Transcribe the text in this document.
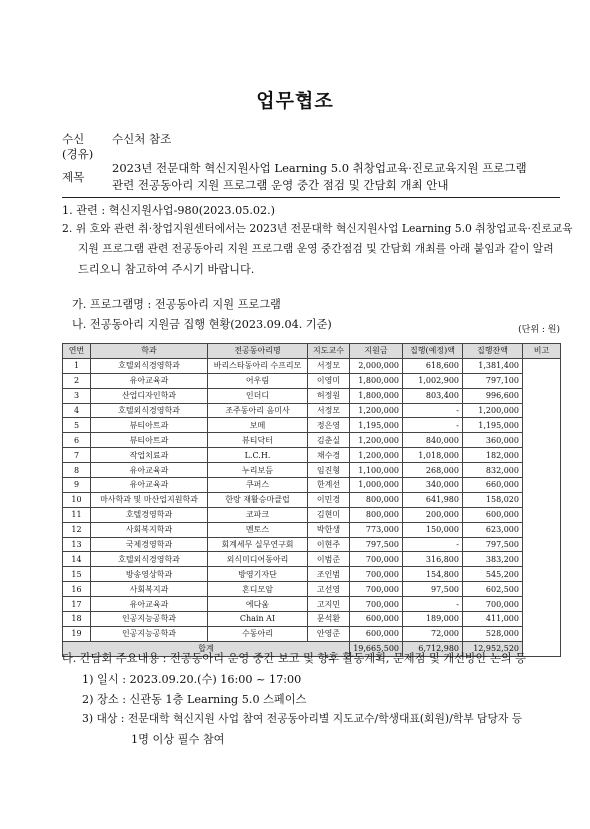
업무협조
수신	수신처 참조
(경유)
제목
2023년 전문대학 혁신지원사업 Learning 5.0 취창업교육·진로교육지원 프로그램
관련 전공동아리 지원 프로그램 운영 중간 점검 및 간담회 개최 안내
1. 관련 : 혁신지원사업-980(2023.05.02.)
2. 위 호와 관련 취·창업지원센터에서는 2023년 전문대학 혁신지원사업 Learning 5.0 취창업교육·진로교육
지원 프로그램 관련 전공동아리 지원 프로그램 운영 중간점검 및 간담회 개최를 아래 붙임과 같이 알려
드리오니 참고하여 주시기 바랍니다.
가. 프로그램명 : 전공동아리 지원 프로그램
나. 전공동아리 지원금 집행 현황(2023.09.04. 기준)	(단위 : 원)
연번	학과	전공동아리명	지도교수	지원금	집행(예정)액	집행잔액	비고
1	호텔외식경영학과	바리스타동아리 수프리모	서정모	2,000,000	618,600	1,381,400	
2	유아교육과	어우림	이영미	1,800,000	1,002,900	797,100	
3	산업디자인학과	인더디	허정원	1,800,000	803,400	996,600	
4	호텔외식경영학과	조주동아리 음미사	서정모	1,200,000	-	1,200,000	
5	뷰티아트과	보떼	정은영	1,195,000	-	1,195,000	
6	뷰티아트과	뷰티닥터	김춘실	1,200,000	840,000	360,000	
7	작업치료과	L.C.H.	채수경	1,200,000	1,018,000	182,000	
8	유아교육과	누리보듬	임진형	1,100,000	268,000	832,000	
9	유아교육과	쿠퍼스	한계선	1,000,000	340,000	660,000	
10	마사학과 및 마산업지원학과	한랑 재활승마클럽	이민경	800,000	641,980	158,020	
11	호텔경영학과	코파크	김현미	800,000	200,000	600,000	
12	사회복지학과	멘토스	박한생	773,000	150,000	623,000	
13	국제경영학과	회계세무 실무연구회	이현주	797,500	-	797,500	
14	호텔외식경영학과	외식미디어동아리	이범준	700,000	316,800	383,200	
15	방송영상학과	방영기자단	조인범	700,000	154,800	545,200	
16	사회복지과	혼디모암	고선영	700,000	97,500	602,500	
17	유아교육과	에다움	고지민	700,000	-	700,000	
18	인공지능공학과	Chain AI	문석환	600,000	189,000	411,000	
19	인공지능공학과	수동아리	안영준	600,000	72,000	528,000	
합계				19,665,500	6,712,980	12,952,520	
다. 간담회 주요내용 : 전공동아리 운영 중간 보고 및 향후 활동계획, 문제점 및 개선방안 논의 등
1) 일시 : 2023.09.20.(수) 16:00 ~ 17:00
2) 장소 : 신관동 1층 Learning 5.0 스페이스
3) 대상 : 전문대학 혁신지원 사업 참여 전공동아리별 지도교수/학생대표(회원)/학부 담당자 등
1명 이상 필수 참여
